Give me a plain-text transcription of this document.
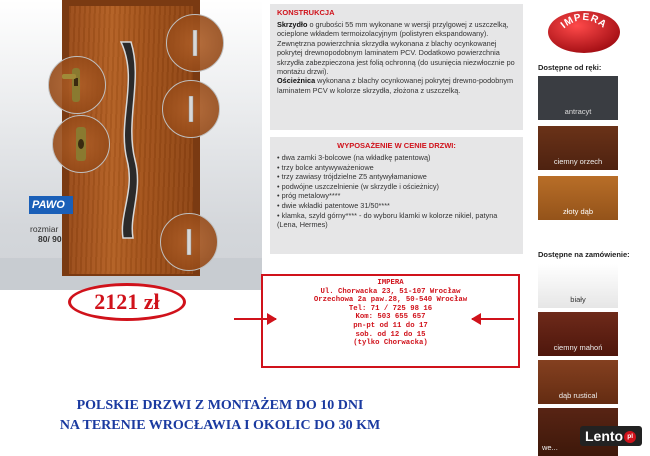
PAWO
rozmiar
80/ 90
2121 zł
KONSTRUKCJA
Skrzydło o grubości 55 mm wykonane w wersji przylgowej z uszczelką, ocieplone wkładem termoizolacyjnym (polistyren ekspandowany).
Zewnętrzna powierzchnia skrzydła wykonana z blachy ocynkowanej pokrytej drewnopodobnym laminatem PCV. Dodatkowo powierzchnia skrzydła zabezpieczona jest folią ochronną (do usunięcia niezwłocznie po montażu drzwi).
Ościeżnica wykonana z blachy ocynkowanej pokrytej drewno-podobnym laminatem PCV w kolorze skrzydła, złożona z uszczelką.
WYPOSAŻENIE W CENIE DRZWI:
• dwa zamki 3-bolcowe (na wkładkę patentową)
• trzy bolce antywyważeniowe
• trzy zawiasy trójdzielne Z5 antywyłamaniowe
• podwójne uszczelnienie (w skrzydle i ościeżnicy)
• próg metalowy****
• dwie wkładki patentowe 31/50****
• klamka, szyld górny**** - do wyboru klamki w kolorze nikiel, patyna (Lena, Hermes)
IMPERA
Ul. Chorwacka 23, 51-107 Wrocław
Orzechowa 2a paw.28, 50-540 Wrocław
Tel: 71 / 725 98 16
Kom: 503 655 657
pn-pt od 11 do 17
sob. od 12 do 15
(tylko Chorwacka)
POLSKIE DRZWI Z MONTAŻEM DO 10 DNI
NA TERENIE WROCŁAWIA I OKOLIC DO 30 KM
IMPERA
Dostępne od ręki:
antracyt
ciemny orzech
złoty dąb
Dostępne na zamówienie:
biały
ciemny mahoń
dąb rustical
we...
Lento pl
